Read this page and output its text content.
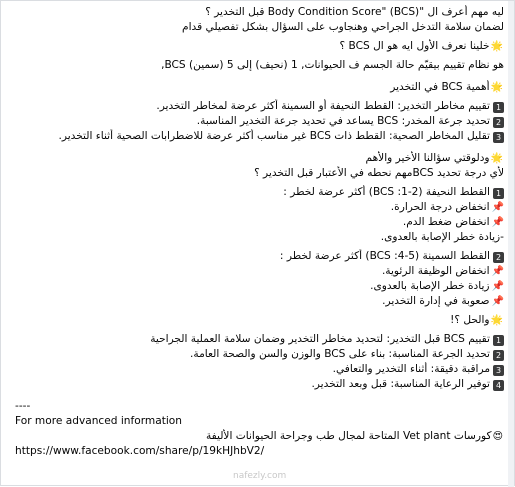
ليه مهم أعرف ال "Body Condition Score" (BCS) قبل التخدير ؟
لضمان سلامة التدخل الجراحي وهنجاوب على السؤال بشكل تفصيلي قدام
🌟خلينا نعرف الأول ايه هو ال BCS ؟
هو نظام تقييم بيقيّم حالة الجسم ف الحيوانات, 1 (نحيف) إلى 5 (سمين) BCS,
🌟أهمية BCS في التخدير
1تقييم مخاطر التخدير: القطط النحيفة أو السمينة أكثر عرضة لمخاطر التخدير.
2تحديد جرعة المخدر: BCS يساعد في تحديد جرعة التخدير المناسبة.
3تقليل المخاطر الصحية: القطط ذات BCS غير مناسب أكثر عرضة للاضطرابات الصحية أثناء التخدير.
🌟ودلوقتي سؤالنا الأخير والأهم
لأي درجة تحديد BCSمهم نحطه في الأعتبار قبل التخدير ؟
1القطط النحيفة (BCS :1-2) أكثر عرضة لخطر :
📌انخفاض درجة الحرارة.
📌انخفاض ضغط الدم.
-زيادة خطر الإصابة بالعدوى.
2القطط السمينة (BCS :4-5) أكثر عرضة لخطر :
📌انخفاض الوظيفة الرئوية.
📌زيادة خطر الإصابة بالعدوى.
📌صعوبة في إدارة التخدير.
🌟والحل ؟!
1تقييم BCS قبل التخدير: لتحديد مخاطر التخدير وضمان سلامة العملية الجراحية
2تحديد الجرعة المناسبة: بناء على BCS والوزن والسن والصحة العامة.
3مراقبة دقيقة: أثناء التخدير والتعافي.
4توفير الرعاية المناسبة: قبل وبعد التخدير.
----
For more advanced information
😍كورسات Vet plant المتاحة لمجال طب وجراحة الحيوانات الأليفة
https://www.facebook.com/share/p/19kHJhbV2/
nafezly.com
